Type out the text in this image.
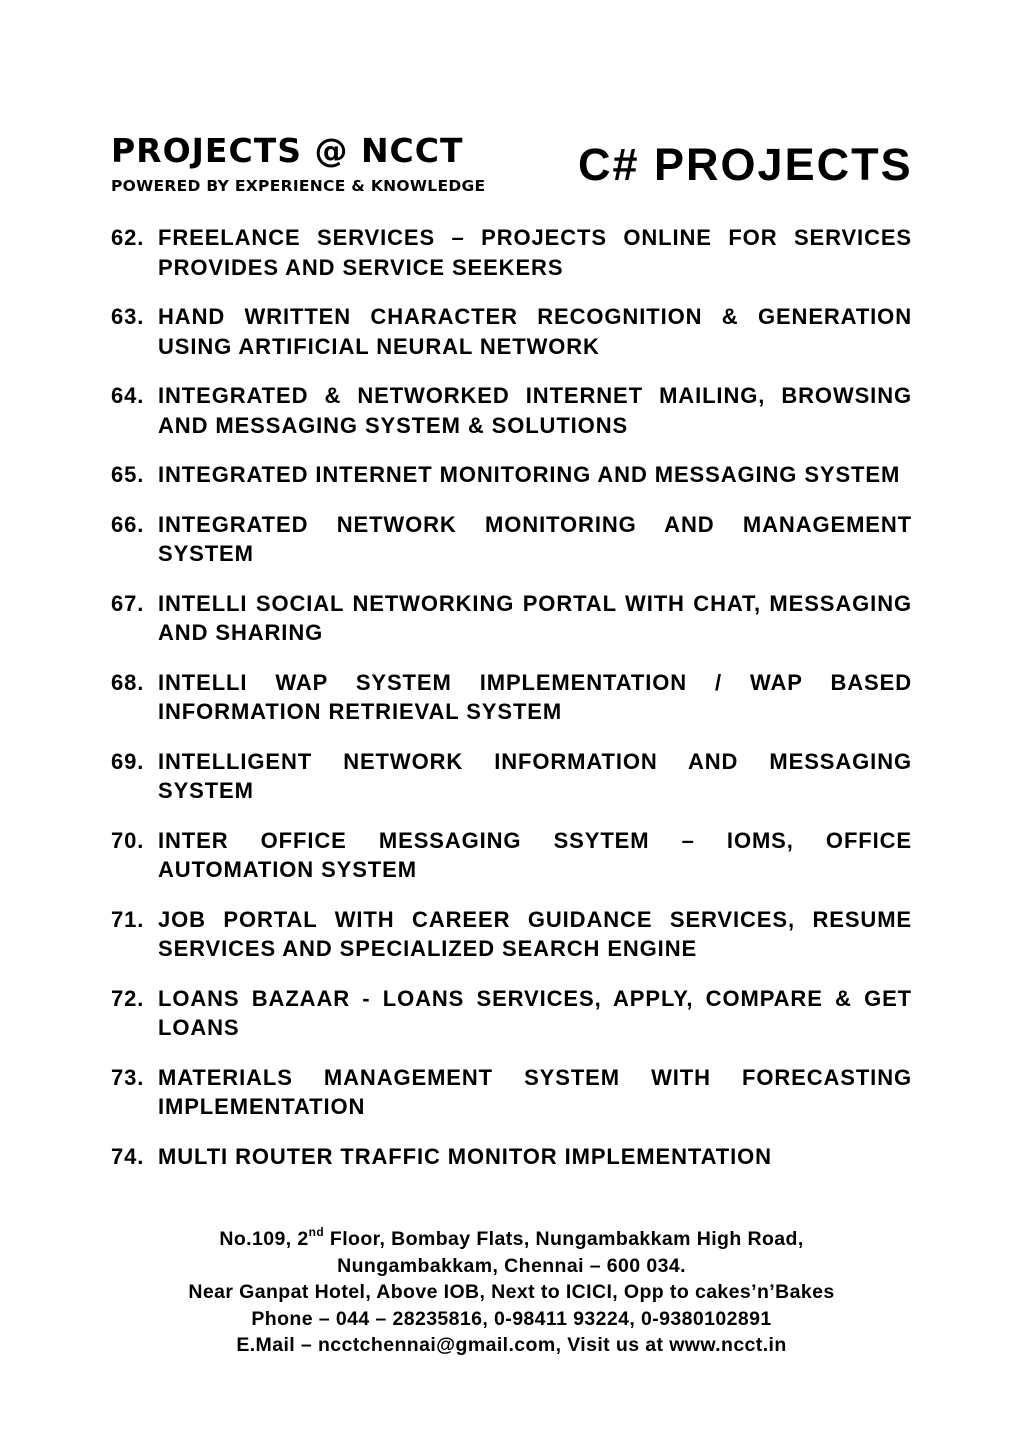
PROJECTS @ NCCT
POWERED BY EXPERIENCE & KNOWLEDGE C# PROJECTS
62. FREELANCE SERVICES – PROJECTS ONLINE FOR SERVICES PROVIDES AND SERVICE SEEKERS
63. HAND WRITTEN CHARACTER RECOGNITION & GENERATION USING ARTIFICIAL NEURAL NETWORK
64. INTEGRATED & NETWORKED INTERNET MAILING, BROWSING AND MESSAGING SYSTEM & SOLUTIONS
65. INTEGRATED INTERNET MONITORING AND MESSAGING SYSTEM
66. INTEGRATED NETWORK MONITORING AND MANAGEMENT SYSTEM
67. INTELLI SOCIAL NETWORKING PORTAL WITH CHAT, MESSAGING AND SHARING
68. INTELLI WAP SYSTEM IMPLEMENTATION / WAP BASED INFORMATION RETRIEVAL SYSTEM
69. INTELLIGENT NETWORK INFORMATION AND MESSAGING SYSTEM
70. INTER OFFICE MESSAGING SSYTEM – IOMS, OFFICE AUTOMATION SYSTEM
71. JOB PORTAL WITH CAREER GUIDANCE SERVICES, RESUME SERVICES AND SPECIALIZED SEARCH ENGINE
72. LOANS BAZAAR - LOANS SERVICES, APPLY, COMPARE & GET LOANS
73. MATERIALS MANAGEMENT SYSTEM WITH FORECASTING IMPLEMENTATION
74. MULTI ROUTER TRAFFIC MONITOR IMPLEMENTATION
No.109, 2nd Floor, Bombay Flats, Nungambakkam High Road,
Nungambakkam, Chennai – 600 034.
Near Ganpat Hotel, Above IOB, Next to ICICI, Opp to cakes’n’Bakes
Phone – 044 – 28235816, 0-98411 93224, 0-9380102891
E.Mail – ncctchennai@gmail.com, Visit us at www.ncct.in
